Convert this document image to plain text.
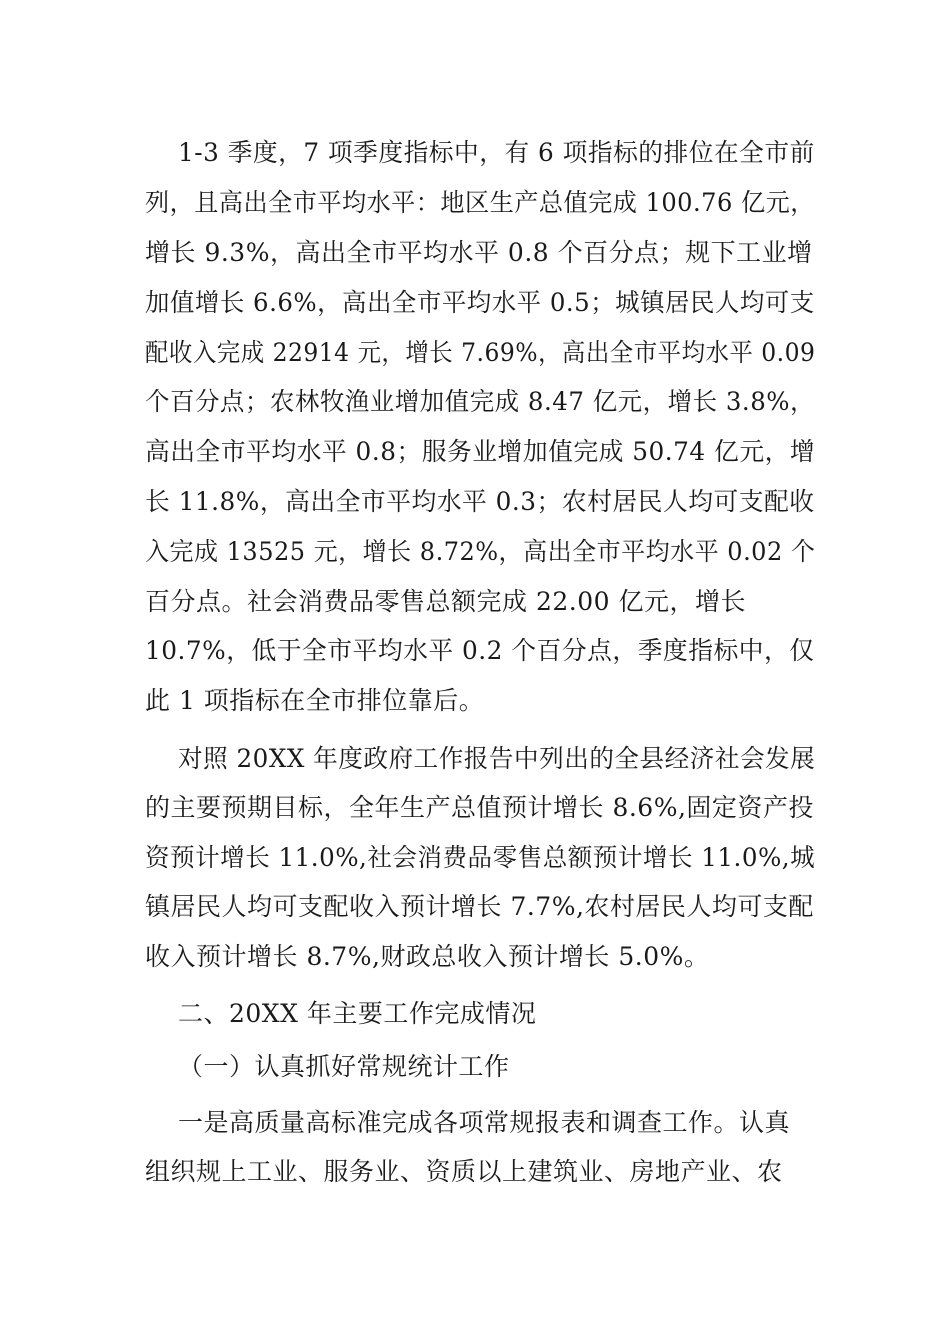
1-3 季度，7 项季度指标中，有 6 项指标的排位在全市前
列，且高出全市平均水平：地区生产总值完成 100.76 亿元，
增长 9.3%，高出全市平均水平 0.8 个百分点；规下工业增
加值增长 6.6%，高出全市平均水平 0.5；城镇居民人均可支
配收入完成 22914 元，增长 7.69%，高出全市平均水平 0.09
个百分点；农林牧渔业增加值完成 8.47 亿元，增长 3.8%，
高出全市平均水平 0.8；服务业增加值完成 50.74 亿元，增
长 11.8%，高出全市平均水平 0.3；农村居民人均可支配收
入完成 13525 元，增长 8.72%，高出全市平均水平 0.02 个
百分点。社会消费品零售总额完成 22.00 亿元，增长
10.7%，低于全市平均水平 0.2 个百分点，季度指标中，仅
此 1 项指标在全市排位靠后。
对照 20XX 年度政府工作报告中列出的全县经济社会发展
的主要预期目标，全年生产总值预计增长 8.6%,固定资产投
资预计增长 11.0%,社会消费品零售总额预计增长 11.0%,城
镇居民人均可支配收入预计增长 7.7%,农村居民人均可支配
收入预计增长 8.7%,财政总收入预计增长 5.0%。
二、20XX 年主要工作完成情况
（一）认真抓好常规统计工作
一是高质量高标准完成各项常规报表和调查工作。认真
组织规上工业、服务业、资质以上建筑业、房地产业、农
